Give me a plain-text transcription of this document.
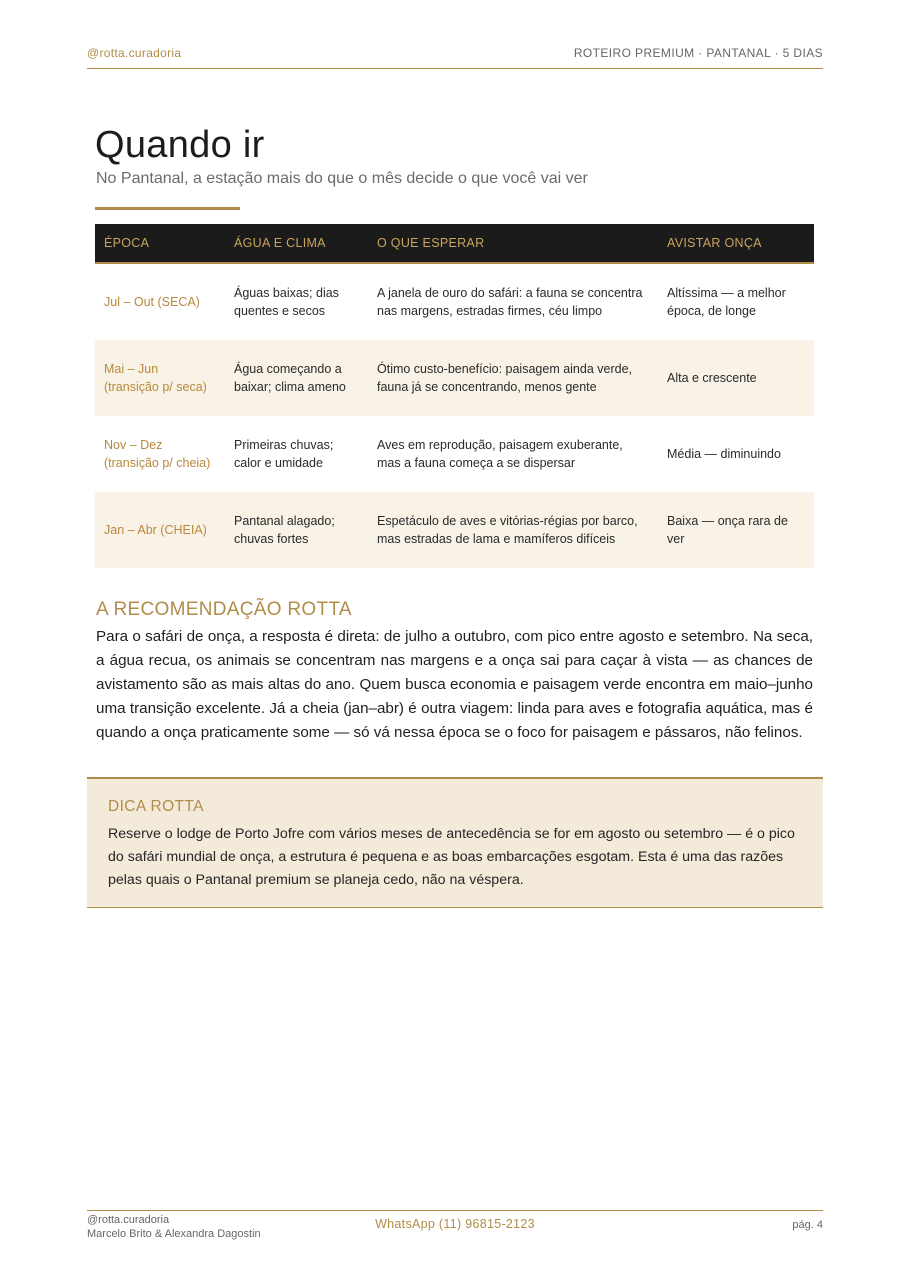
@rotta.curadoria	ROTEIRO PREMIUM · PANTANAL · 5 DIAS
Quando ir

No Pantanal, a estação mais do que o mês decide o que você vai ver

ÉPOCA	ÁGUA E CLIMA	O QUE ESPERAR	AVISTAR ONÇA
Jul – Out (SECA)	Águas baixas; dias quentes e secos	A janela de ouro do safári: a fauna se concentra nas margens, estradas firmes, céu limpo	Altíssima — a melhor época, de longe
Mai – Jun (transição p/ seca)	Água começando a baixar; clima ameno	Ótimo custo-benefício: paisagem ainda verde, fauna já se concentrando, menos gente	Alta e crescente
Nov – Dez (transição p/ cheia)	Primeiras chuvas; calor e umidade	Aves em reprodução, paisagem exuberante, mas a fauna começa a se dispersar	Média — diminuindo
Jan – Abr (CHEIA)	Pantanal alagado; chuvas fortes	Espetáculo de aves e vitórias-régias por barco, mas estradas de lama e mamíferos difíceis	Baixa — onça rara de ver
A RECOMENDAÇÃO ROTTA

Para o safári de onça, a resposta é direta: de julho a outubro, com pico entre agosto e setembro. Na seca, a água recua, os animais se concentram nas margens e a onça sai para caçar à vista — as chances de avistamento são as mais altas do ano. Quem busca economia e paisagem verde encontra em maio–junho uma transição excelente. Já a cheia (jan–abr) é outra viagem: linda para aves e fotografia aquática, mas é quando a onça praticamente some — só vá nessa época se o foco for paisagem e pássaros, não felinos.

DICA ROTTA

Reserve o lodge de Porto Jofre com vários meses de antecedência se for em agosto ou setembro — é o pico do safári mundial de onça, a estrutura é pequena e as boas embarcações esgotam. Esta é uma das razões pelas quais o Pantanal premium se planeja cedo, não na véspera.

@rotta.curadoria
Marcelo Brito & Alexandra Dagostin
WhatsApp (11) 96815-2123	pág. 4
